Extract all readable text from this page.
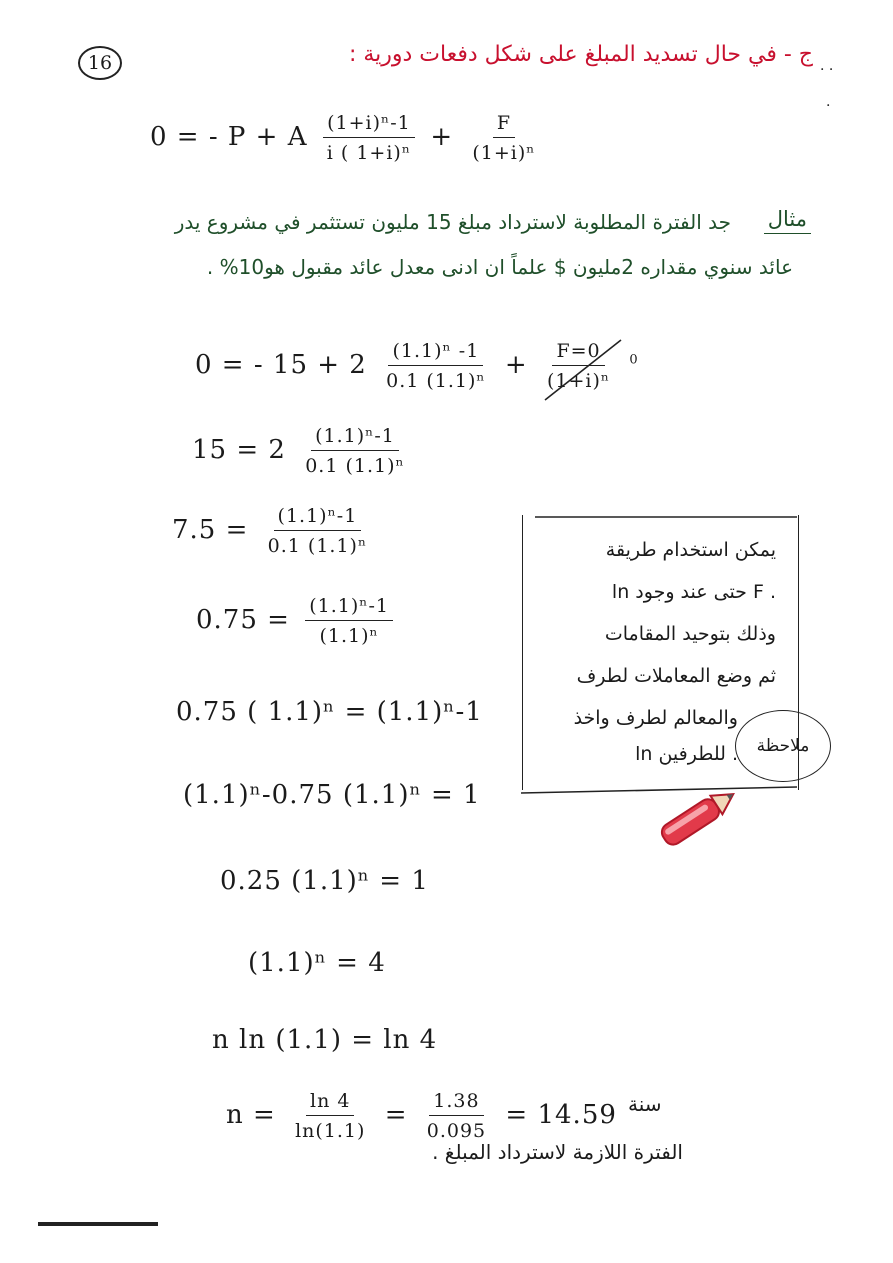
16	ج - في حال تسديد المبلغ على شكل دفعات دورية :
0 = - P + A $\frac{\text{(1+i)ⁿ-1}}{\text{i ( 1+i)ⁿ}} + \frac{F}{\text{(1+i)ⁿ}}$
مثال
جد الفترة المطلوبة لاسترداد مبلغ 15 مليون تستثمر في مشروع يدر
عائد سنوي مقداره 2مليون $ علماً ان ادنى معدل عائد مقبول هو10% .
0 = - $15 + 2 \frac{\text{(1.1)ⁿ -1}}{\text{0.1 (1.1)ⁿ}} + \frac{F=0}{\text{(1+i)ⁿ}} ^0$
$15 = 2 \frac{\text{(1.1)ⁿ-1}}{\text{0.1 (1.1)ⁿ}}$
$7.5 = \frac{\text{(1.1)ⁿ-1}}{\text{0.1 (1.1)ⁿ}}$
$0.75 = \frac{\text{(1.1)ⁿ-1}}{\text{(1.1)ⁿ}}$
0.75 ( 1.1)ⁿ = (1.1)ⁿ-1
(1.1)ⁿ-0.75 (1.1)ⁿ = 1
0.25 (1.1)ⁿ = 1
(1.1)ⁿ = 4
n ln (1.1) = ln 4
$n = \frac{\ln 4}{\ln(1.1)} = \frac{1.38}{0.095} = 14.59$ سنة
الفترة اللازمة لاسترداد المبلغ .
يمكن استخدام طريقة
ln حتى عند وجود F .
وذلك بتوحيد المقامات
ثم وضع المعاملات لطرف
والمعالم لطرف واخذ
ln للطرفين .	ملاحظة
· ·
·
